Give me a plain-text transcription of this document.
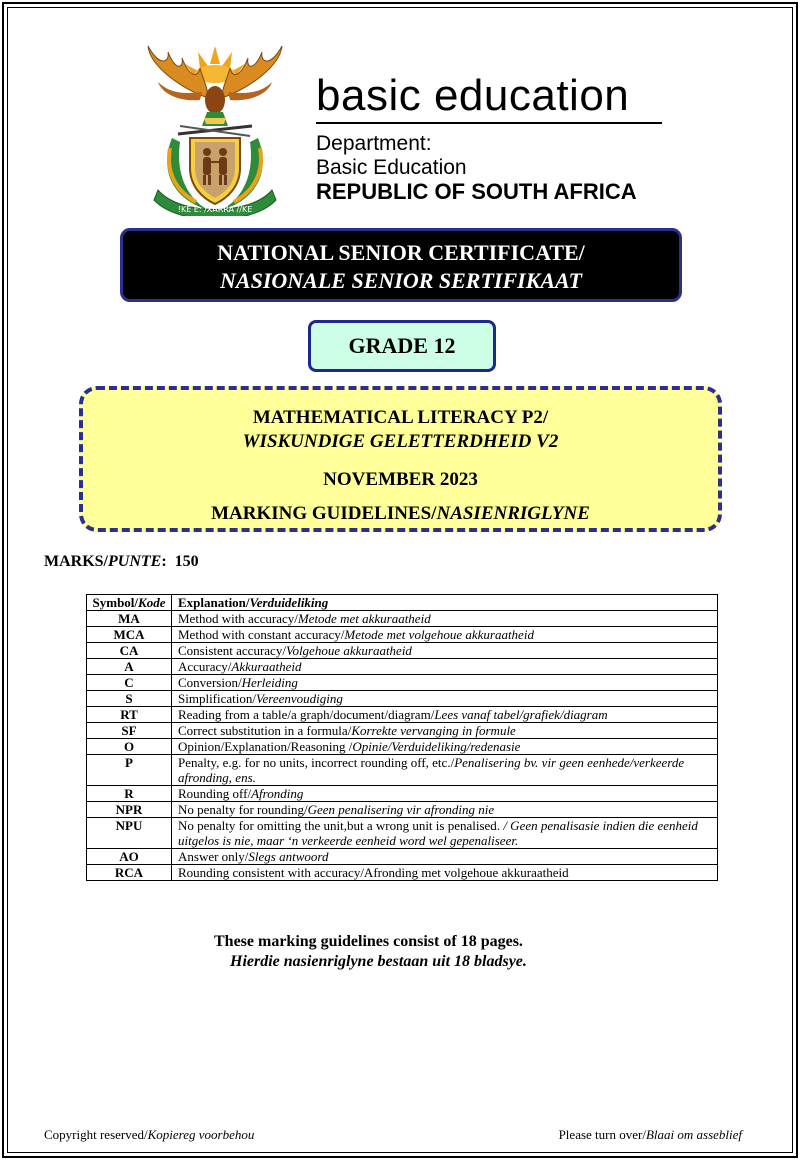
!KE E: /XARRA //KE
basic education
Department:
Basic Education
REPUBLIC OF SOUTH AFRICA
NATIONAL SENIOR CERTIFICATE/
NASIONALE SENIOR SERTIFIKAAT
GRADE 12
MATHEMATICAL LITERACY P2/
WISKUNDIGE GELETTERDHEID V2
NOVEMBER 2023
MARKING GUIDELINES/NASIENRIGLYNE
MARKS/PUNTE: 150
Symbol/Kode	Explanation/Verduideliking
MA	Method with accuracy/Metode met akkuraatheid
MCA	Method with constant accuracy/Metode met volgehoue akkuraatheid
CA	Consistent accuracy/Volgehoue akkuraatheid
A	Accuracy/Akkuraatheid
C	Conversion/Herleiding
S	Simplification/Vereenvoudiging
RT	Reading from a table/a graph/document/diagram/Lees vanaf tabel/grafiek/diagram
SF	Correct substitution in a formula/Korrekte vervanging in formule
O	Opinion/Explanation/Reasoning /Opinie/Verduideliking/redenasie
P	Penalty, e.g. for no units, incorrect rounding off, etc./Penalisering bv. vir geen eenhede/verkeerde afronding, ens.
R	Rounding off/Afronding
NPR	No penalty for rounding/Geen penalisering vir afronding nie
NPU	No penalty for omitting the unit,but a wrong unit is penalised. / Geen penalisasie indien die eenheid uitgelos is nie, maar ‘n verkeerde eenheid word wel gepenaliseer.
AO	Answer only/Slegs antwoord
RCA	Rounding consistent with accuracy/Afronding met volgehoue akkuraatheid
These marking guidelines consist of 18 pages.
Hierdie nasienriglyne bestaan uit 18 bladsye.
Copyright reserved/Kopiereg voorbehou	Please turn over/Blaai om asseblief
